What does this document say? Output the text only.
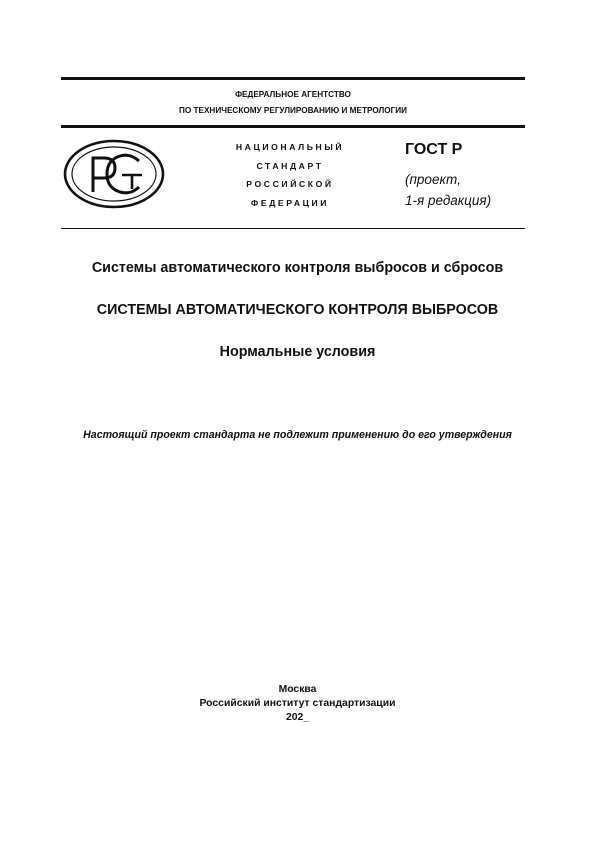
ФЕДЕРАЛЬНОЕ АГЕНТСТВО
ПО ТЕХНИЧЕСКОМУ РЕГУЛИРОВАНИЮ И МЕТРОЛОГИИ
НАЦИОНАЛЬНЫЙ
СТАНДАРТ
РОССИЙСКОЙ
ФЕДЕРАЦИИ
ГОСТ Р
(проект,
1-я редакция)
Системы автоматического контроля выбросов и сбросов
СИСТЕМЫ АВТОМАТИЧЕСКОГО КОНТРОЛЯ ВЫБРОСОВ
Нормальные условия
Настоящий проект стандарта не подлежит применению до его утверждения
Москва
Российский институт стандартизации
202_
